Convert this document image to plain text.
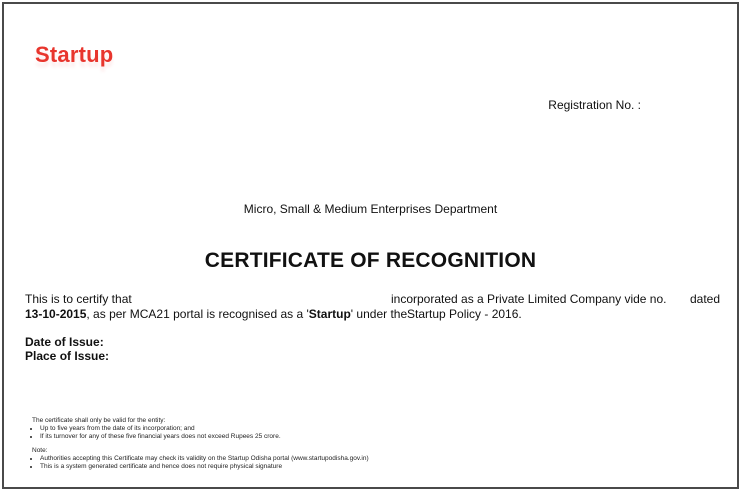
Startup
Registration No. :
Micro, Small & Medium Enterprises Department
CERTIFICATE OF RECOGNITION
This is to certify that	incorporated as a Private Limited Company vide no. dated
13-10-2015, as per MCA21 portal is recognised as a 'Startup' under the Startup Policy - 2016.
Date of Issue:
Place of Issue:
The certificate shall only be valid for the entity:
• Up to five years from the date of its incorporation; and
• If its turnover for any of these five financial years does not exceed Rupees 25 crore.
Note:
• Authorities accepting this Certificate may check its validity on the Startup Odisha portal (www.startupodisha.gov.in)
• This is a system generated certificate and hence does not require physical signature
